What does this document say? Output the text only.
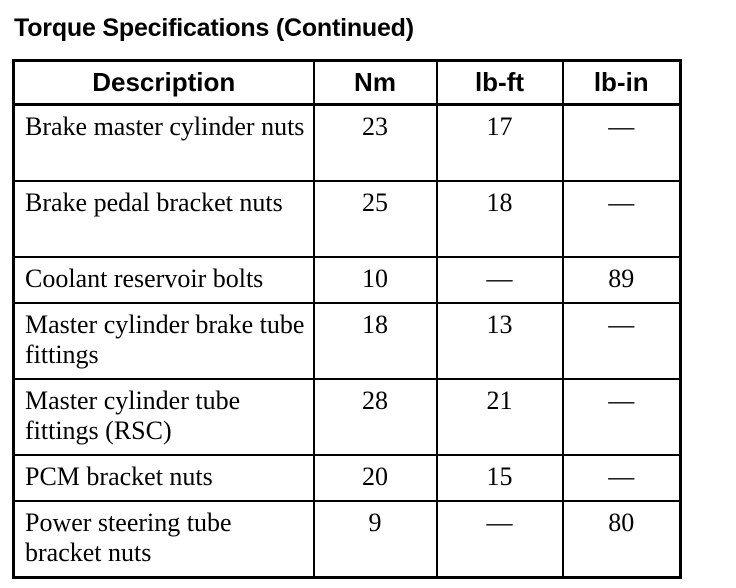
Torque Specifications (Continued)
Description	Nm	lb-ft	lb-in
Brake master cylinder nuts	23	17	—
Brake pedal bracket nuts	25	18	—
Coolant reservoir bolts	10	—	89
Master cylinder brake tube fittings	18	13	—
Master cylinder tube fittings (RSC)	28	21	—
PCM bracket nuts	20	15	—
Power steering tube bracket nuts	9	—	80
